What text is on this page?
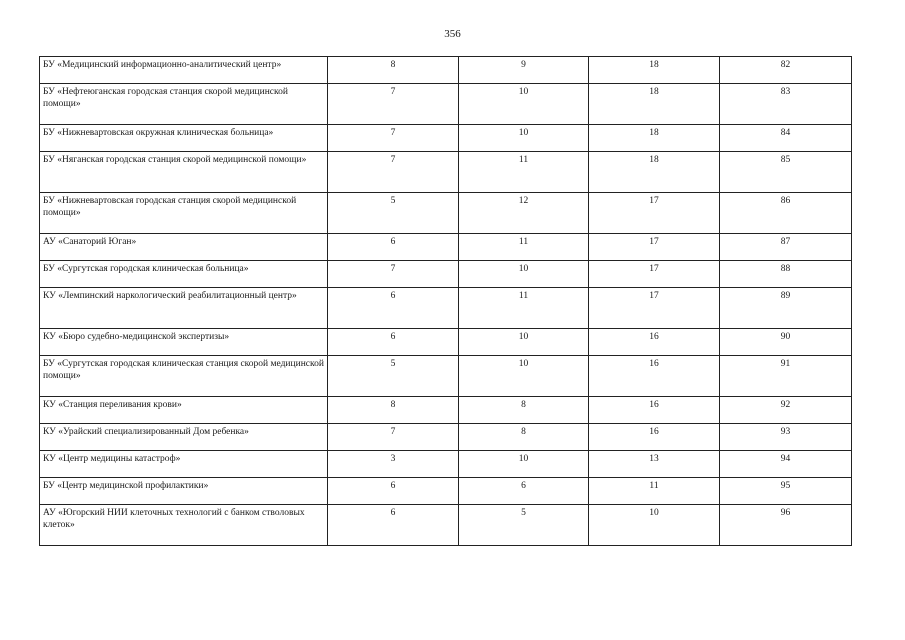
356
БУ «Медицинский информационно-аналитический центр»	8	9	18	82
БУ «Нефтеюганская городская станция скорой медицинской помощи»	7	10	18	83
БУ «Нижневартовская окружная клиническая больница»	7	10	18	84
БУ «Няганская городская станция скорой медицинской помощи»	7	11	18	85
БУ «Нижневартовская городская станция скорой медицинской помощи»	5	12	17	86
АУ «Санаторий Юган»	6	11	17	87
БУ «Сургутская городская клиническая больница»	7	10	17	88
КУ «Лемпинский наркологический реабилитационный центр»	6	11	17	89
КУ «Бюро судебно-медицинской экспертизы»	6	10	16	90
БУ «Сургутская городская клиническая станция скорой медицинской помощи»	5	10	16	91
КУ «Станция переливания крови»	8	8	16	92
КУ «Урайский специализированный Дом ребенка»	7	8	16	93
КУ «Центр медицины катастроф»	3	10	13	94
БУ «Центр медицинской профилактики»	6	6	11	95
АУ «Югорский НИИ клеточных технологий с банком стволовых клеток»	6	5	10	96
